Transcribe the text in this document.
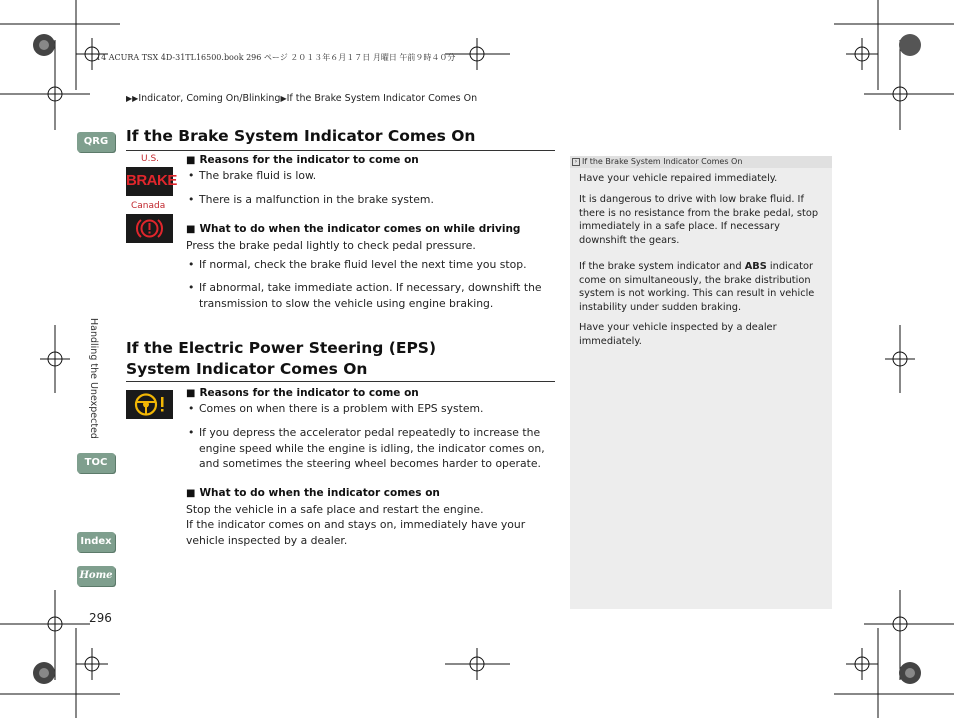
14 ACURA TSX 4D-31TL16500.book 296 ページ ２０１３年６月１７日 月曜日 午前９時４０分
▶▶Indicator, Coming On/Blinking▶If the Brake System Indicator Comes On
QRG
TOC
Index
Home
Handling the Unexpected
296
If the Brake System Indicator Comes On
U.S.
BRAKE
Canada
■ Reasons for the indicator to come on
• The brake fluid is low.
• There is a malfunction in the brake system.
■ What to do when the indicator comes on while driving
Press the brake pedal lightly to check pedal pressure.
• If normal, check the brake fluid level the next time you stop.
• If abnormal, take immediate action. If necessary, downshift the transmission to slow the vehicle using engine braking.
If the Electric Power Steering (EPS)
System Indicator Comes On
■ Reasons for the indicator to come on
• Comes on when there is a problem with EPS system.
• If you depress the accelerator pedal repeatedly to increase the engine speed while the engine is idling, the indicator comes on, and sometimes the steering wheel becomes harder to operate.
■ What to do when the indicator comes on
Stop the vehicle in a safe place and restart the engine.
If the indicator comes on and stays on, immediately have your vehicle inspected by a dealer.
› If the Brake System Indicator Comes On
Have your vehicle repaired immediately.
It is dangerous to drive with low brake fluid. If there is no resistance from the brake pedal, stop immediately in a safe place. If necessary downshift the gears.
If the brake system indicator and ABS indicator come on simultaneously, the brake distribution system is not working. This can result in vehicle instability under sudden braking.
Have your vehicle inspected by a dealer immediately.
